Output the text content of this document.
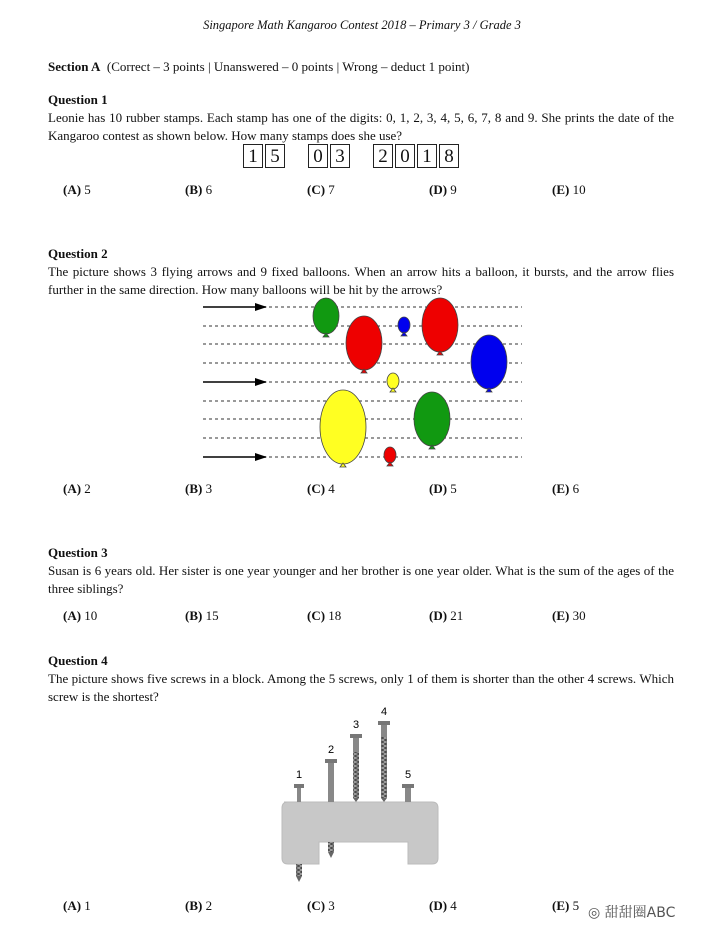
Singapore Math Kangaroo Contest 2018 – Primary 3 / Grade 3
Section A (Correct – 3 points | Unanswered – 0 points | Wrong – deduct 1 point)
Question 1
Leonie has 10 rubber stamps. Each stamp has one of the digits: 0, 1, 2, 3, 4, 5, 6, 7, 8 and 9. She prints the date of the Kangaroo contest as shown below. How many stamps does she use?
1 5 0 3 2 0 1 8
(A) 5	(B) 6	(C) 7	(D) 9	(E) 10
Question 2
The picture shows 3 flying arrows and 9 fixed balloons. When an arrow hits a balloon, it bursts, and the arrow flies further in the same direction. How many balloons will be hit by the arrows?
(A) 2	(B) 3	(C) 4	(D) 5	(E) 6
Question 3
Susan is 6 years old. Her sister is one year younger and her brother is one year older. What is the sum of the ages of the three siblings?
(A) 10	(B) 15	(C) 18	(D) 21	(E) 30
Question 4
The picture shows five screws in a block. Among the 5 screws, only 1 of them is shorter than the other 4 screws. Which screw is the shortest?
1
2
3
4
5
(A) 1	(B) 2	(C) 3	(D) 4	(E) 5 ◎ 甜甜圈ABC
